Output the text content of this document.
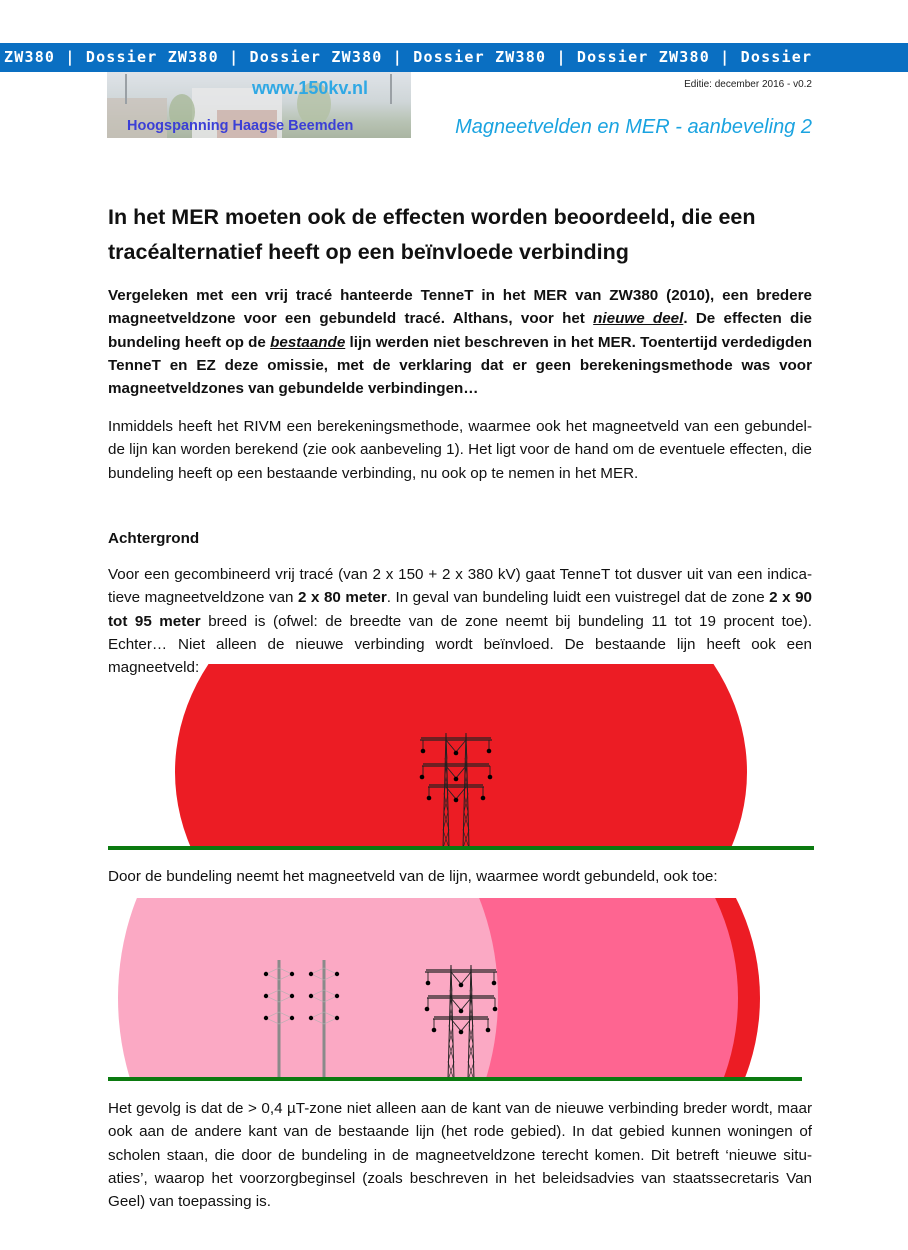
ZW380 | Dossier ZW380 | Dossier ZW380 | Dossier ZW380 | Dossier ZW380 | Dossier
www.150kv.nl
Hoogspanning Haagse Beemden
Editie: december 2016 - v0.2
Magneetvelden en MER - aanbeveling 2
In het MER moeten ook de effecten worden beoordeeld, die een tracéalternatief heeft op een beïnvloede verbinding
Vergeleken met een vrij tracé hanteerde TenneT in het MER van ZW380 (2010), een bredere magneetveldzone voor een gebundeld tracé. Althans, voor het nieuwe deel. De effecten die bundeling heeft op de bestaande lijn werden niet beschreven in het MER. Toentertijd verdedigden TenneT en EZ deze omissie, met de verklaring dat er geen berekeningsmethode was voor magneetveldzones van gebundelde verbindingen…
Inmiddels heeft het RIVM een berekeningsmethode, waarmee ook het magneetveld van een gebundelde lijn kan worden berekend (zie ook aanbeveling 1). Het ligt voor de hand om de eventuele effecten, die bundeling heeft op een bestaande verbinding, nu ook op te nemen in het MER.
Achtergrond
Voor een gecombineerd vrij tracé (van 2 x 150 + 2 x 380 kV) gaat TenneT tot dusver uit van een indicatieve magneetveldzone van 2 x 80 meter. In geval van bundeling luidt een vuistregel dat de zone 2 x 90 tot 95 meter breed is (ofwel: de breedte van de zone neemt bij bundeling 11 tot 19 procent toe). Echter… Niet alleen de nieuwe verbinding wordt beïnvloed. De bestaande lijn heeft ook een magneetveld:
Door de bundeling neemt het magneetveld van de lijn, waarmee wordt gebundeld, ook toe:
Het gevolg is dat de > 0,4 µT-zone niet alleen aan de kant van de nieuwe verbinding breder wordt, maar ook aan de andere kant van de bestaande lijn (het rode gebied). In dat gebied kunnen woningen of scholen staan, die door de bundeling in de magneetveldzone terecht komen. Dit betreft ‘nieuwe situaties’, waarop het voorzorgbeginsel (zoals beschreven in het beleidsadvies van staatssecretaris Van Geel) van toepassing is.
